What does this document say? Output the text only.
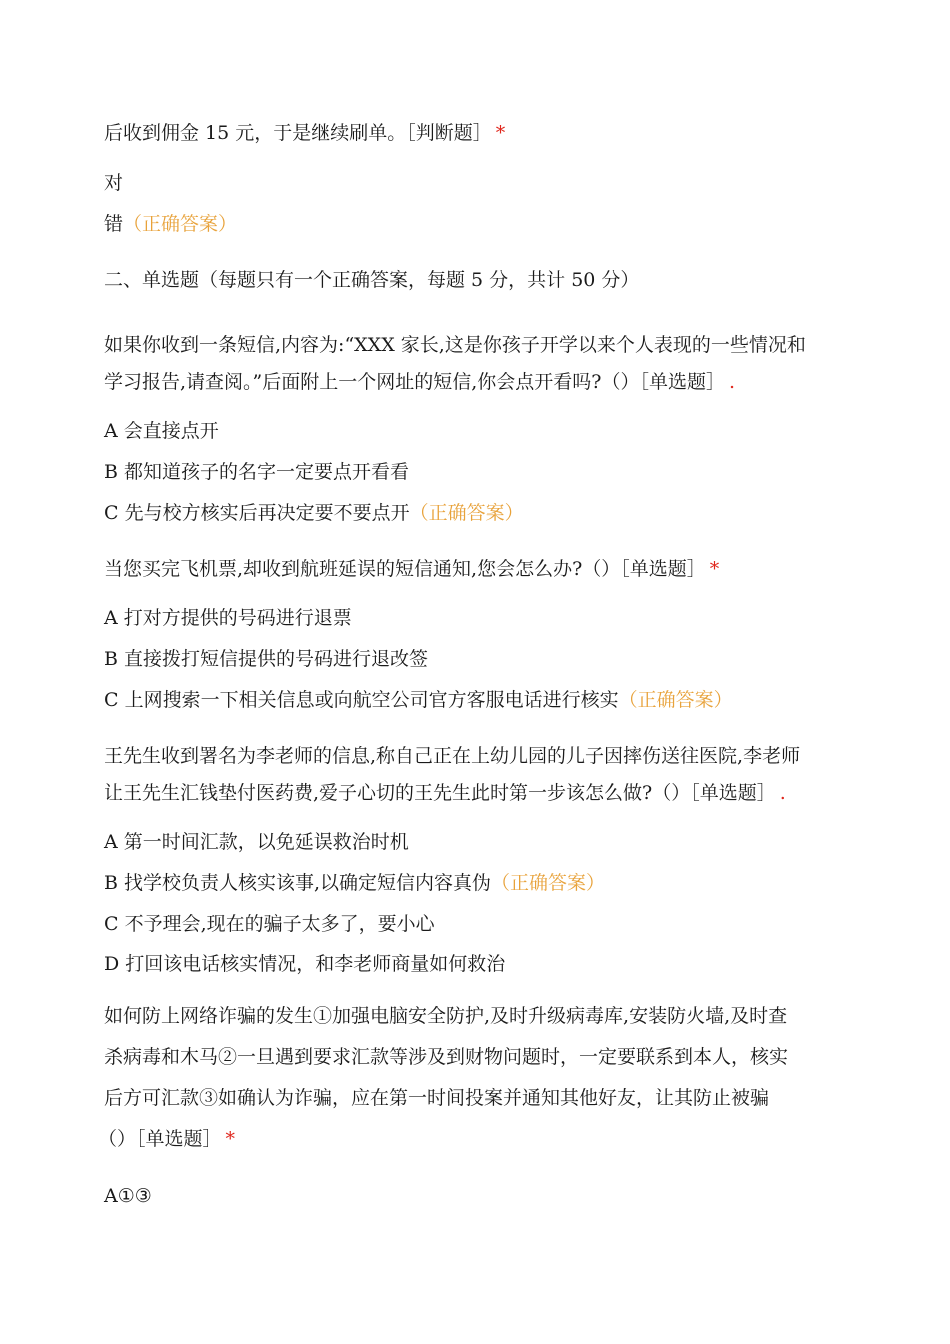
后收到佣金 15 元，于是继续刷单。［判断题］ *
对
错（正确答案）
二、单选题（每题只有一个正确答案，每题 5 分，共计 50 分）
如果你收到一条短信,内容为:“XXX 家长,这是你孩子开学以来个人表现的一些情况和
学习报告,请查阅。”后面附上一个网址的短信,你会点开看吗?（）［单选题］ .
A 会直接点开
B 都知道孩子的名字一定要点开看看
C 先与校方核实后再决定要不要点开（正确答案）
当您买完飞机票,却收到航班延误的短信通知,您会怎么办?（）［单选题］ *
A 打对方提供的号码进行退票
B 直接拨打短信提供的号码进行退改签
C 上网搜索一下相关信息或向航空公司官方客服电话进行核实（正确答案）
王先生收到署名为李老师的信息,称自己正在上幼儿园的儿子因摔伤送往医院,李老师
让王先生汇钱垫付医药费,爱子心切的王先生此时第一步该怎么做?（）［单选题］ .
A 第一时间汇款，以免延误救治时机
B 找学校负责人核实该事,以确定短信内容真伪（正确答案）
C 不予理会,现在的骗子太多了，要小心
D 打回该电话核实情况，和李老师商量如何救治
如何防上网络诈骗的发生①加强电脑安全防护,及时升级病毒库,安装防火墙,及时查
杀病毒和木马②一旦遇到要求汇款等涉及到财物问题时，一定要联系到本人，核实
后方可汇款③如确认为诈骗，应在第一时间投案并通知其他好友，让其防止被骗
（）［单选题］ *
A①③
